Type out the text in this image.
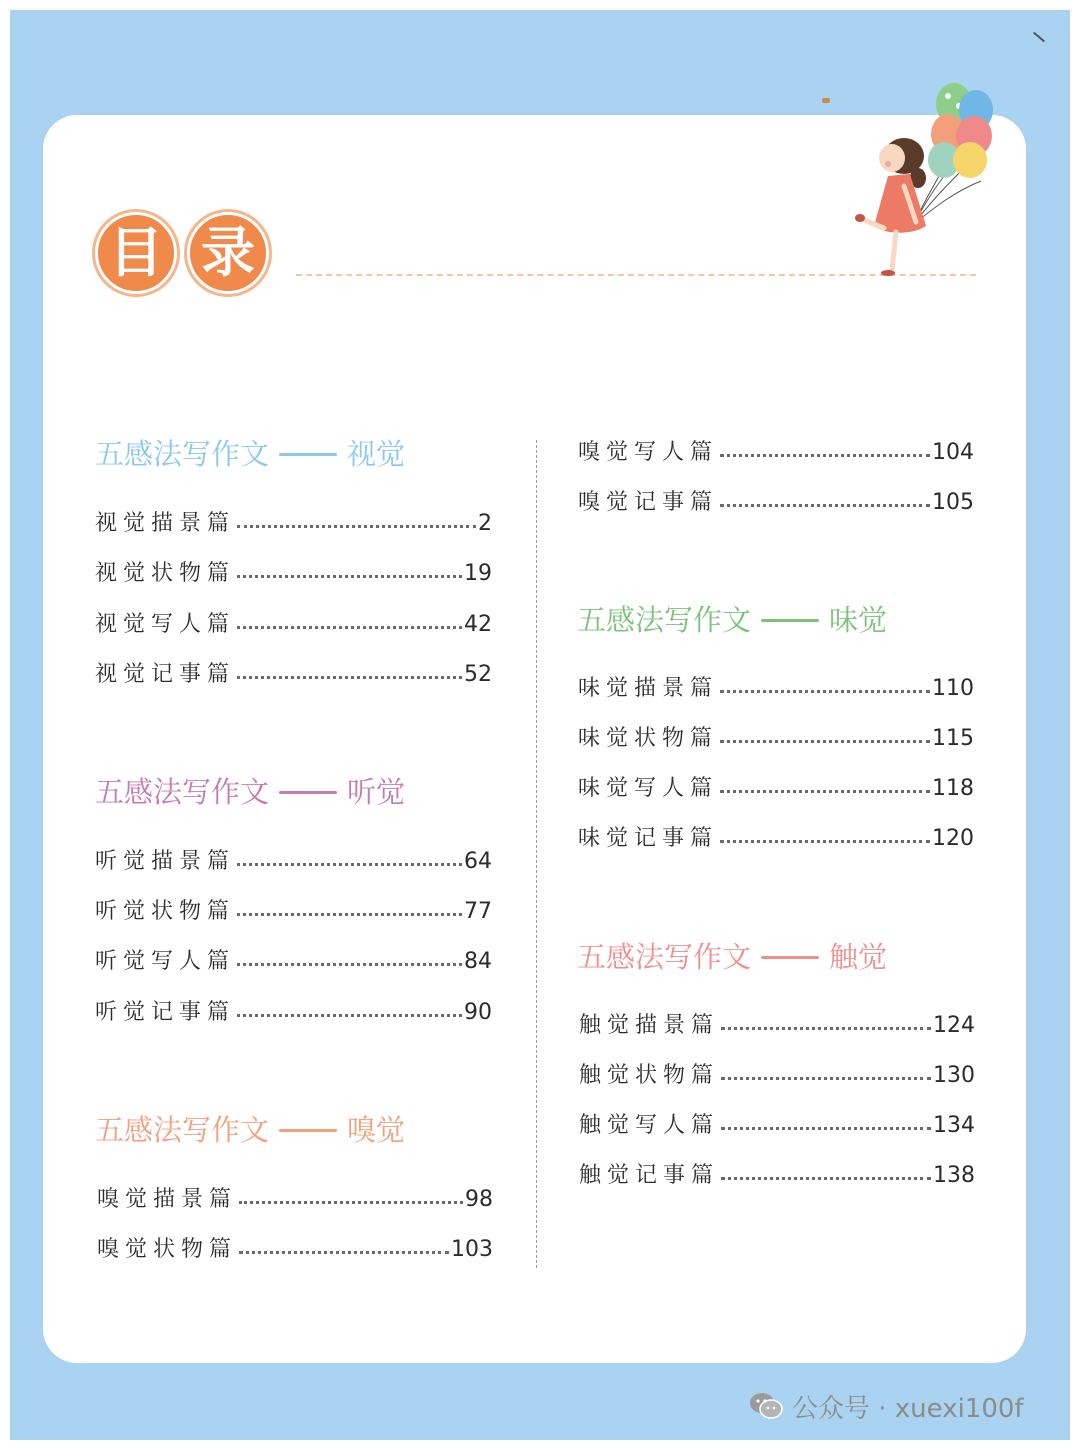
目 录
五感法写作文	视觉
视觉描景篇	2
视觉状物篇	19
视觉写人篇	42
视觉记事篇	52
五感法写作文	听觉
听觉描景篇	64
听觉状物篇	77
听觉写人篇	84
听觉记事篇	90
五感法写作文	嗅觉
嗅觉描景篇	98
嗅觉状物篇	103
嗅觉写人篇	104
嗅觉记事篇	105
五感法写作文	味觉
味觉描景篇	110
味觉状物篇	115
味觉写人篇	118
味觉记事篇	120
五感法写作文	触觉
触觉描景篇	124
触觉状物篇	130
触觉写人篇	134
触觉记事篇	138
公众号 · xuexi100f
